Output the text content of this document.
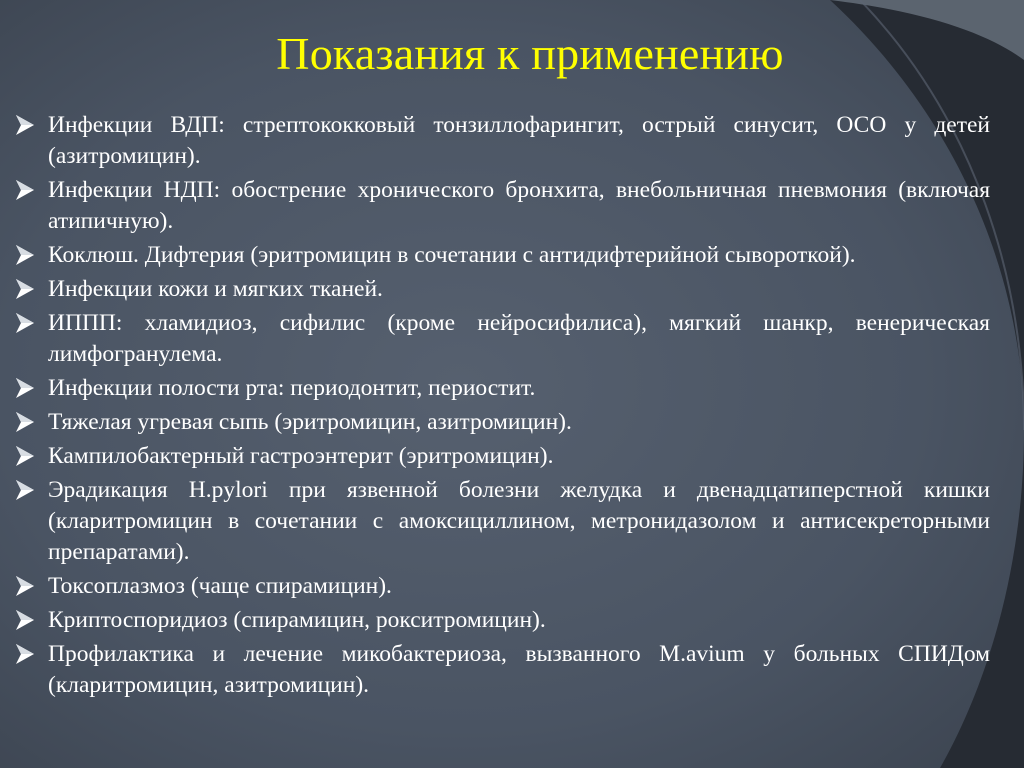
Показания к применению
Инфекции ВДП: стрептококковый тонзиллофарингит, острый синусит, ОСО у детей (азитромицин).
Инфекции НДП: обострение хронического бронхита, внебольничная пневмония (включая атипичную).
Коклюш. Дифтерия (эритромицин в сочетании с антидифтерийной сывороткой).
Инфекции кожи и мягких тканей.
ИППП: хламидиоз, сифилис (кроме нейросифилиса), мягкий шанкр, венерическая лимфогранулема.
Инфекции полости рта: периодонтит, периостит.
Тяжелая угревая сыпь (эритромицин, азитромицин).
Кампилобактерный гастроэнтерит (эритромицин).
Эрадикация H.pylori при язвенной болезни желудка и двенадцатиперстной кишки (кларитромицин в сочетании с амоксициллином, метронидазолом и антисекреторными препаратами).
Токсоплазмоз (чаще спирамицин).
Криптоспоридиоз (спирамицин, рокситромицин).
Профилактика и лечение микобактериоза, вызванного M.avium у больных СПИДом (кларитромицин, азитромицин).
